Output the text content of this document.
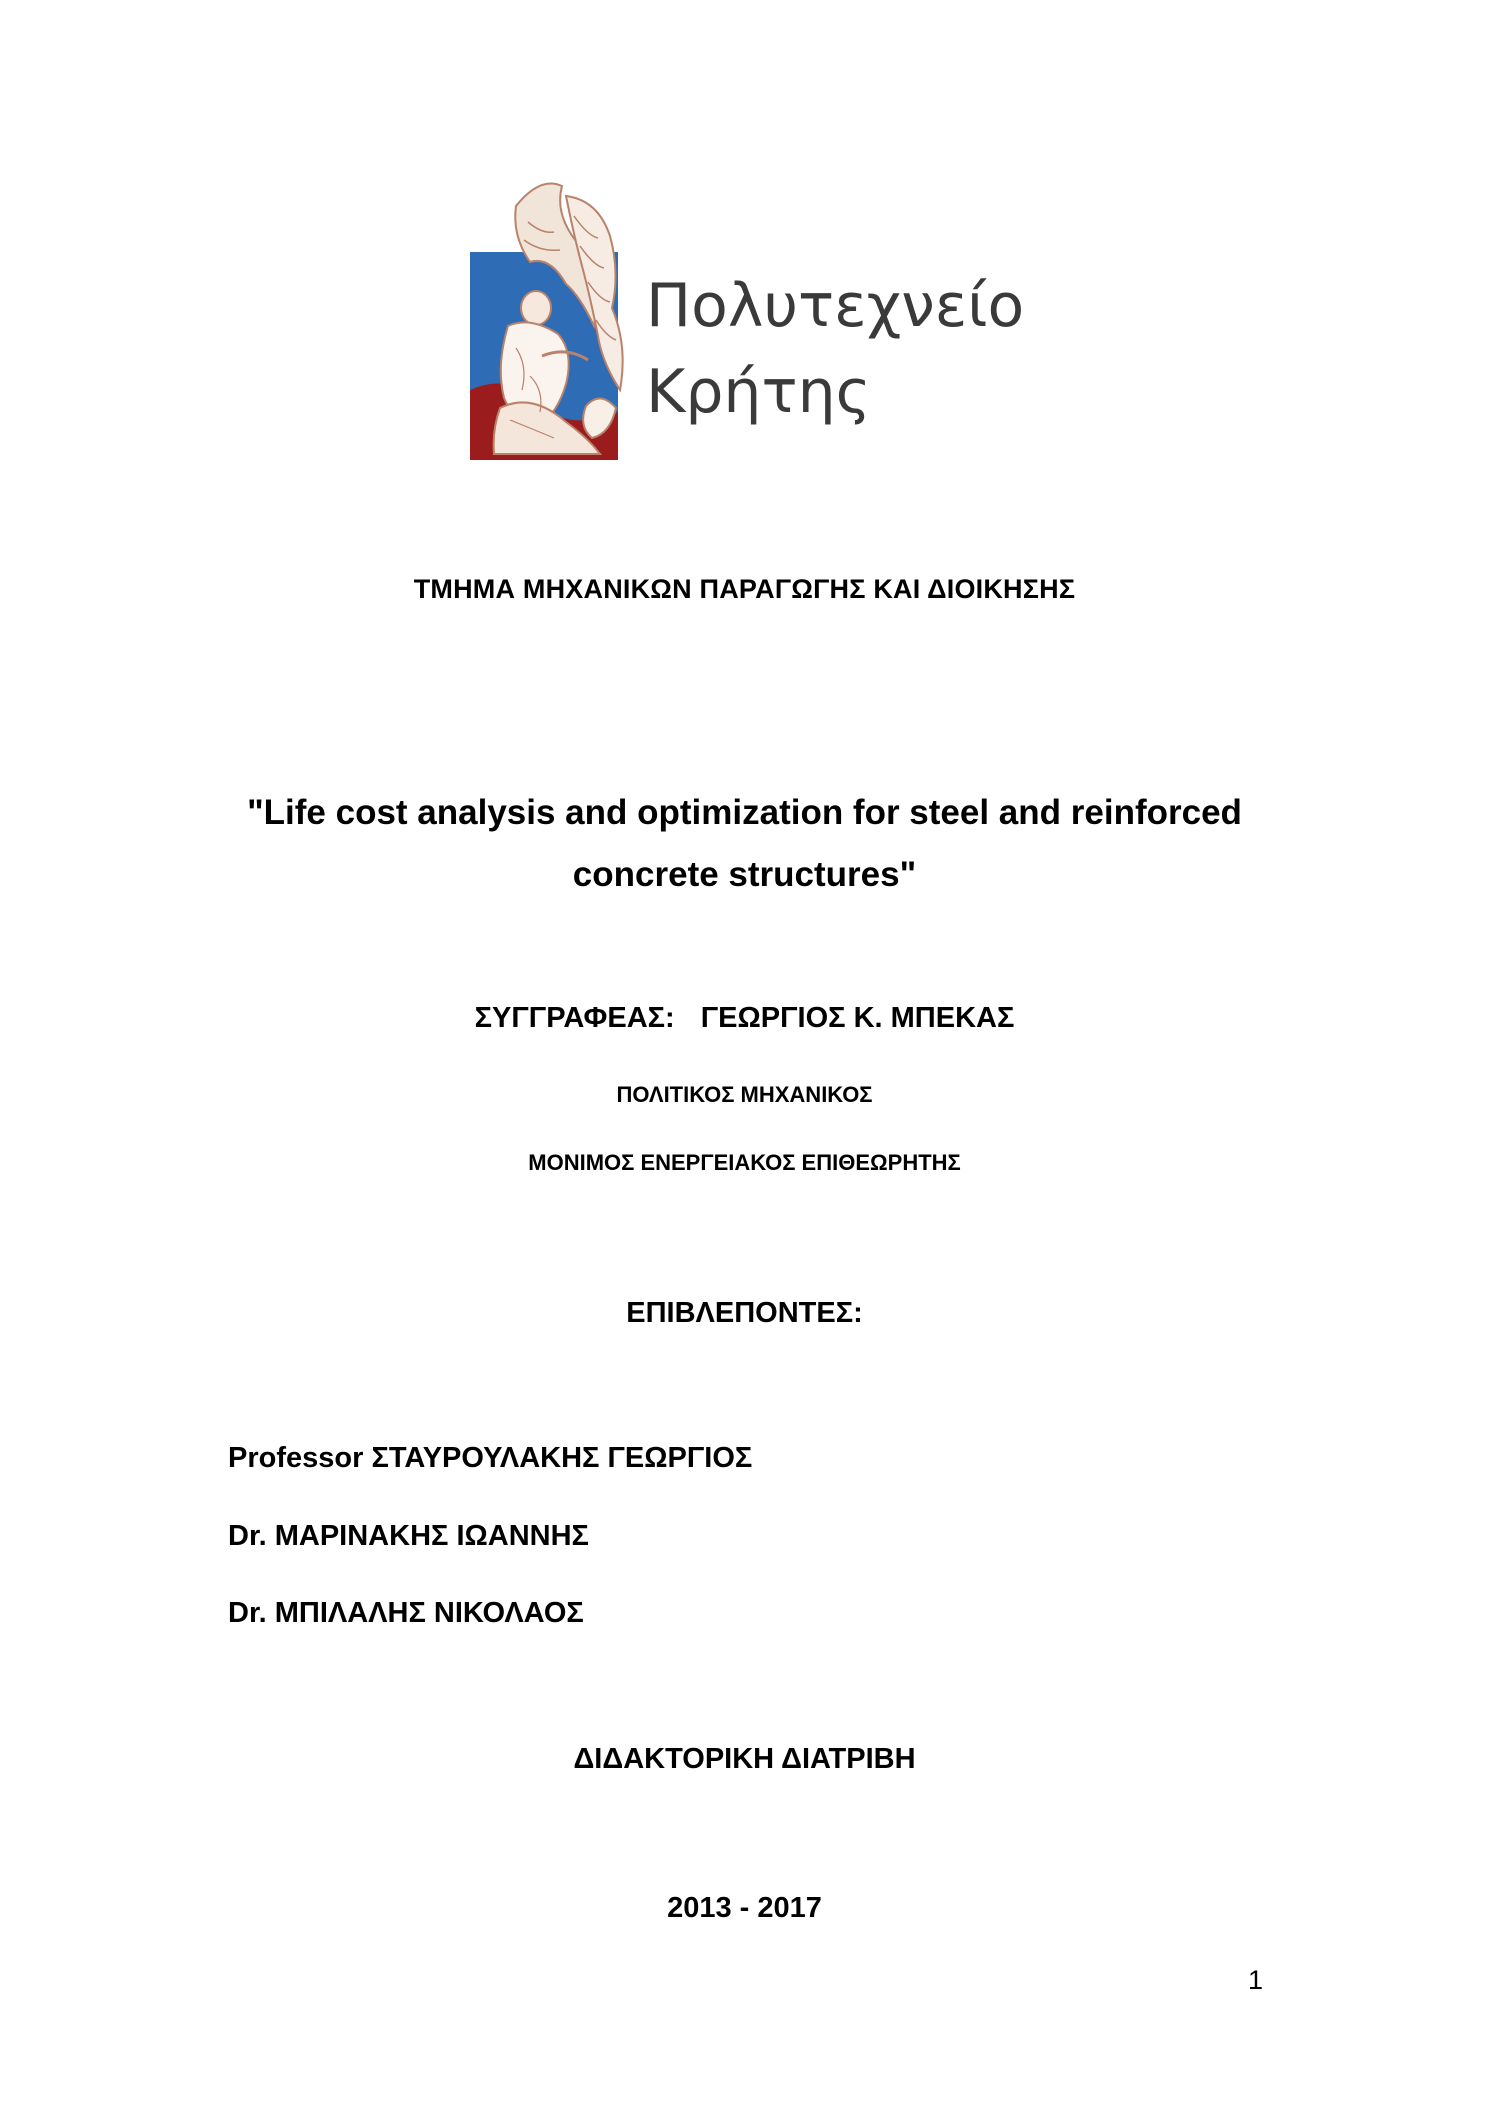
Πολυτεχνείο
Κρήτης
ΤΜΗΜΑ ΜΗΧΑΝΙΚΩΝ ΠΑΡΑΓΩΓΗΣ ΚΑΙ ΔΙΟΙΚΗΣΗΣ
"Life cost analysis and optimization for steel and reinforced concrete structures"
ΣΥΓΓΡΑΦΕΑΣ: ΓΕΩΡΓΙΟΣ Κ. ΜΠΕΚΑΣ
ΠΟΛΙΤΙΚΟΣ ΜΗΧΑΝΙΚΟΣ
ΜΟΝΙΜΟΣ ΕΝΕΡΓΕΙΑΚΟΣ ΕΠΙΘΕΩΡΗΤΗΣ
ΕΠΙΒΛΕΠΟΝΤΕΣ:
Professor ΣΤΑΥΡΟΥΛΑΚΗΣ ΓΕΩΡΓΙΟΣ
Dr. ΜΑΡΙΝΑΚΗΣ ΙΩΑΝΝΗΣ
Dr. ΜΠΙΛΑΛΗΣ ΝΙΚΟΛΑΟΣ
ΔΙΔΑΚΤΟΡΙΚΗ ΔΙΑΤΡΙΒΗ
2013 - 2017
1
